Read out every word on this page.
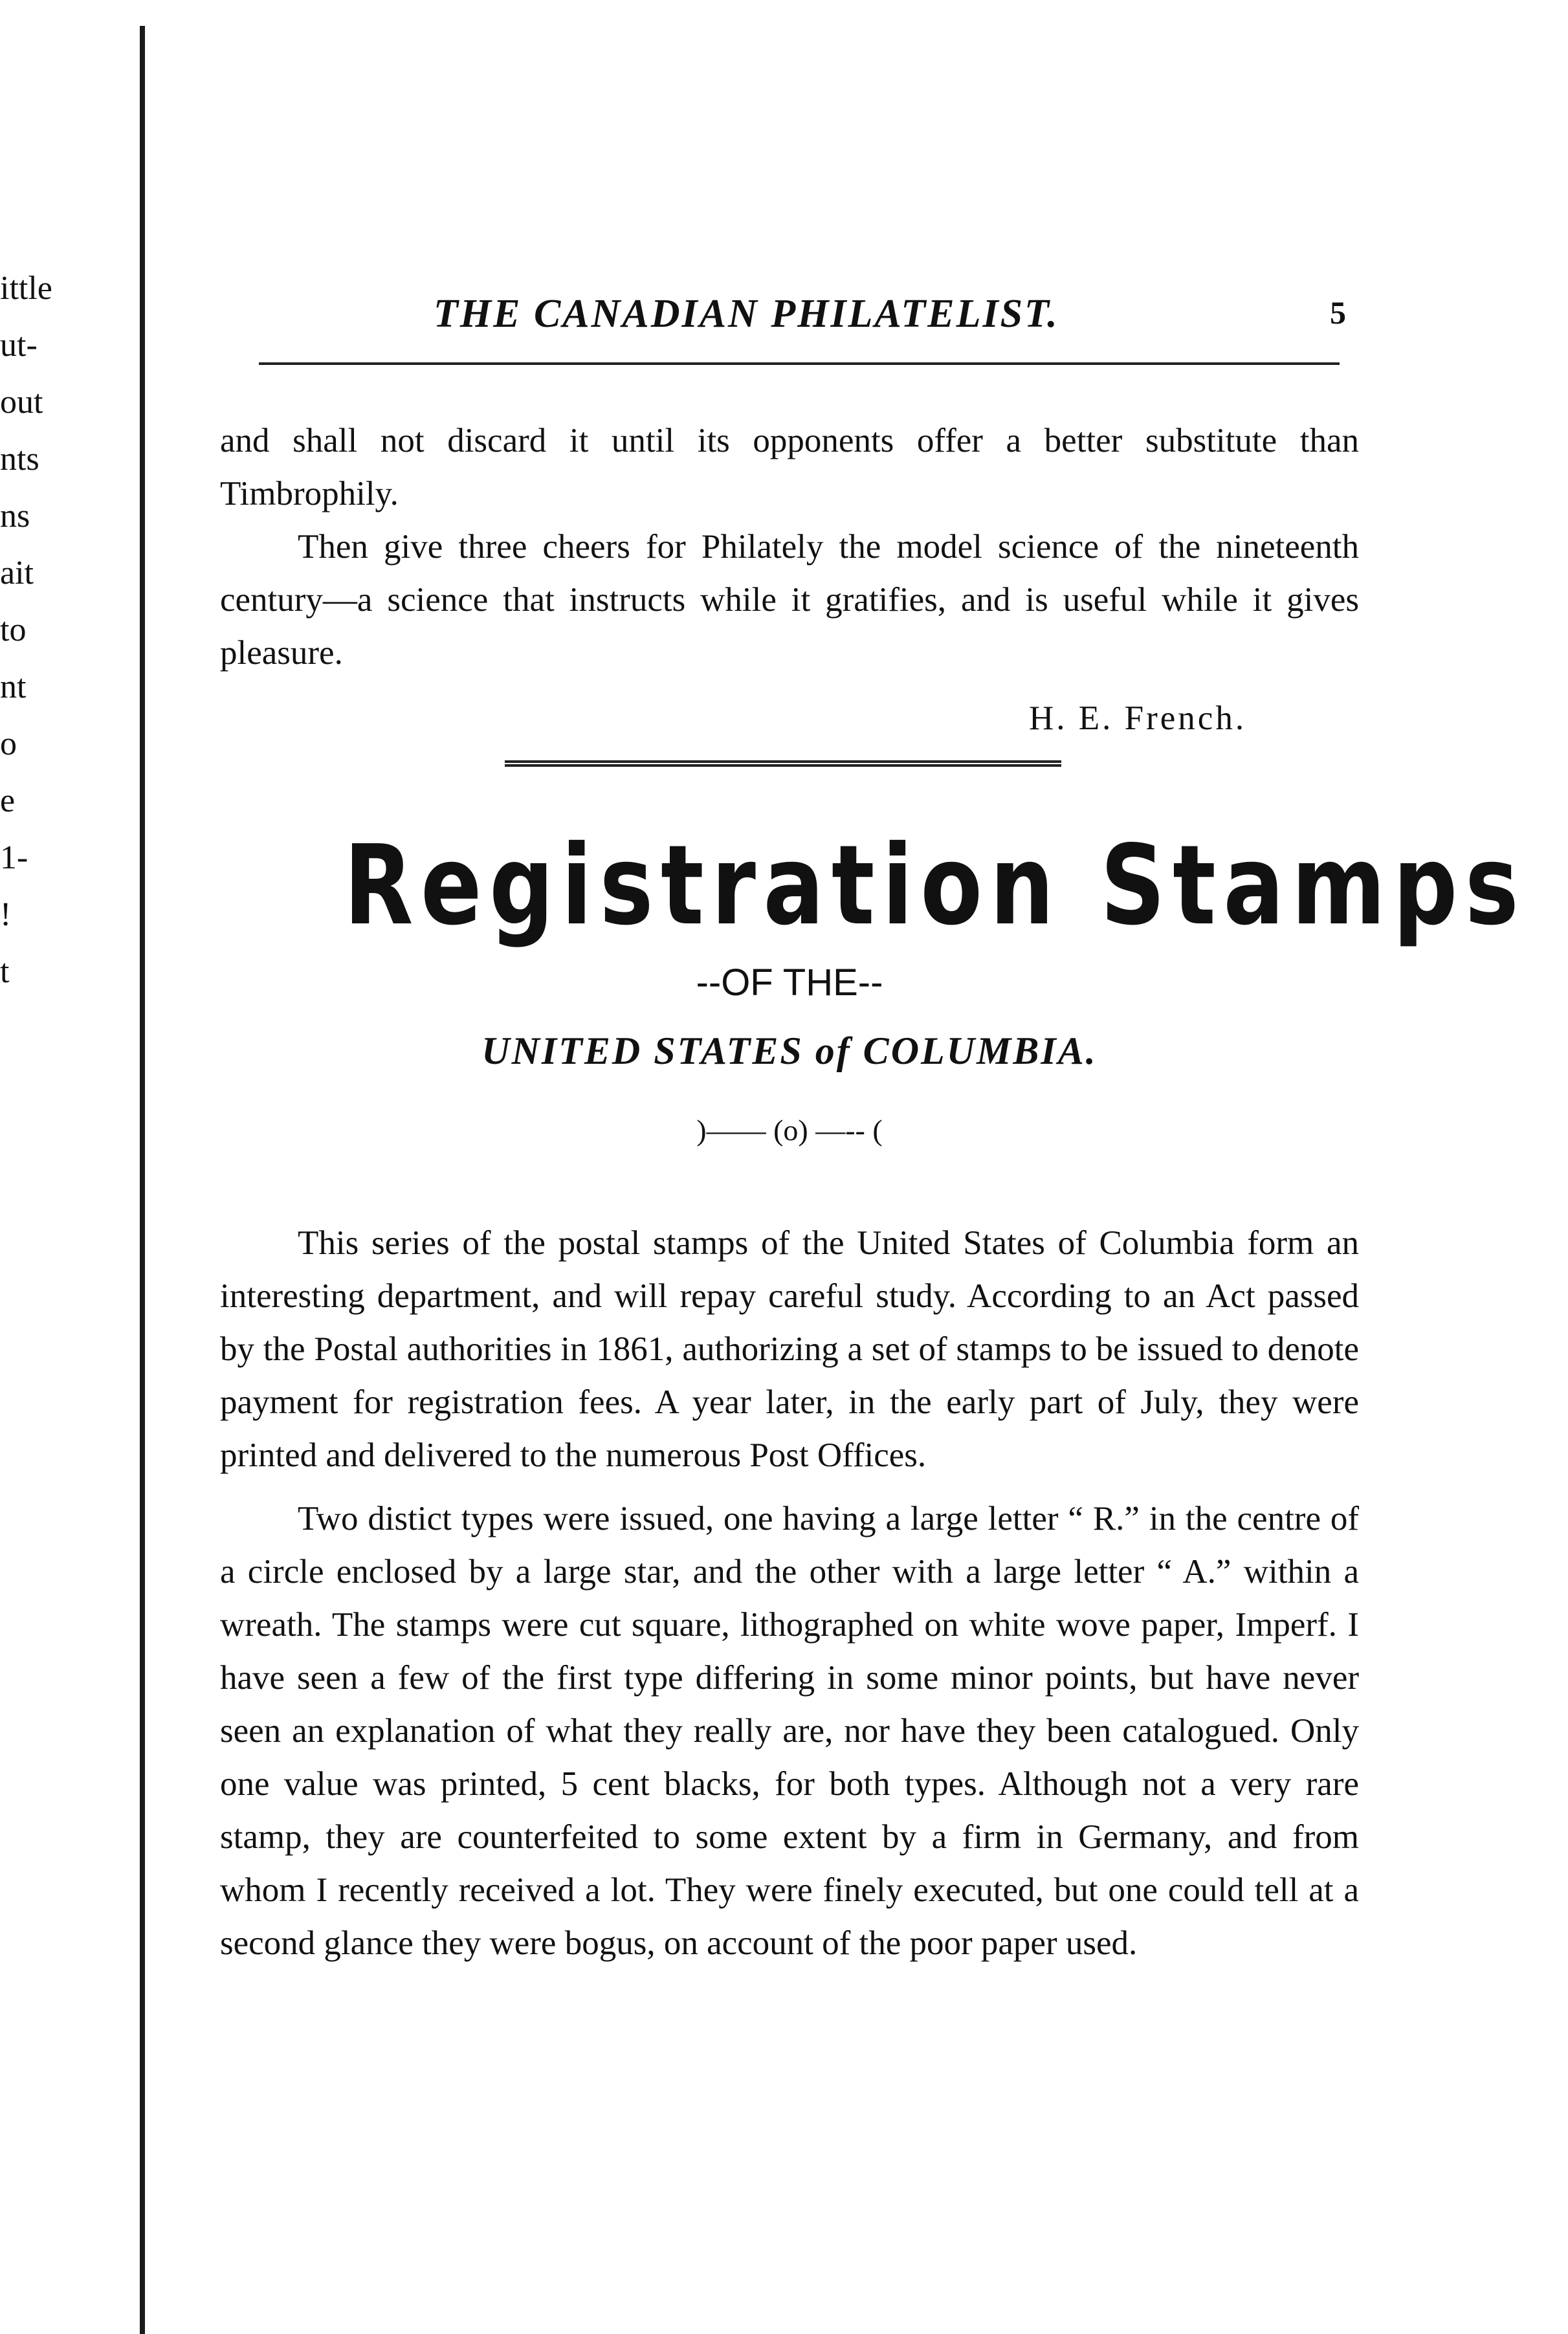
ittle
ut-
out
nts
ns
ait
to
nt
o
e
1-
!
t
THE CANADIAN PHILATELIST.	5

and shall not discard it until its opponents offer a better substitute than Timbrophily.

Then give three cheers for Philately the model science of the nineteenth century—a science that instructs while it gratifies, and is useful while it gives pleasure.

H. E. French.
Registration Stamps
--OF THE--
UNITED STATES of COLUMBIA.
)—— (o) —-- (

This series of the postal stamps of the United States of Columbia form an interesting department, and will repay careful study. According to an Act passed by the Postal authorities in 1861, authorizing a set of stamps to be issued to denote payment for registration fees. A year later, in the early part of July, they were printed and delivered to the numerous Post Offices.

Two distict types were issued, one having a large letter “ R.” in the centre of a circle enclosed by a large star, and the other with a large letter “ A.” within a wreath. The stamps were cut square, lithographed on white wove paper, Imperf. I have seen a few of the first type differing in some minor points, but have never seen an explanation of what they really are, nor have they been catalogued. Only one value was printed, 5 cent blacks, for both types. Although not a very rare stamp, they are counterfeited to some extent by a firm in Germany, and from whom I recently received a lot. They were finely executed, but one could tell at a second glance they were bogus, on account of the poor paper used.
